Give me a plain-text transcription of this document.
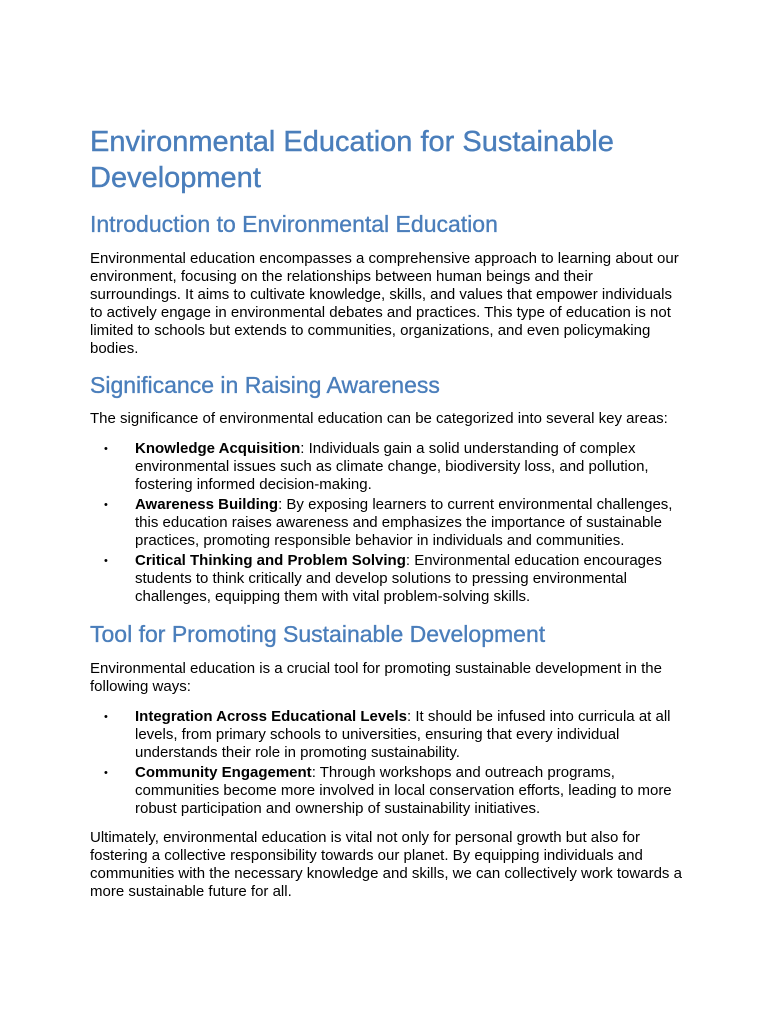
Environmental Education for Sustainable Development
Introduction to Environmental Education

Environmental education encompasses a comprehensive approach to learning about our environment, focusing on the relationships between human beings and their surroundings. It aims to cultivate knowledge, skills, and values that empower individuals to actively engage in environmental debates and practices. This type of education is not limited to schools but extends to communities, organizations, and even policymaking bodies.

Significance in Raising Awareness

The significance of environmental education can be categorized into several key areas:

• Knowledge Acquisition: Individuals gain a solid understanding of complex environmental issues such as climate change, biodiversity loss, and pollution, fostering informed decision-making.
• Awareness Building: By exposing learners to current environmental challenges, this education raises awareness and emphasizes the importance of sustainable practices, promoting responsible behavior in individuals and communities.
• Critical Thinking and Problem Solving: Environmental education encourages students to think critically and develop solutions to pressing environmental challenges, equipping them with vital problem-solving skills.
Tool for Promoting Sustainable Development

Environmental education is a crucial tool for promoting sustainable development in the following ways:

• Integration Across Educational Levels: It should be infused into curricula at all levels, from primary schools to universities, ensuring that every individual understands their role in promoting sustainability.
• Community Engagement: Through workshops and outreach programs, communities become more involved in local conservation efforts, leading to more robust participation and ownership of sustainability initiatives.

Ultimately, environmental education is vital not only for personal growth but also for fostering a collective responsibility towards our planet. By equipping individuals and communities with the necessary knowledge and skills, we can collectively work towards a more sustainable future for all.
